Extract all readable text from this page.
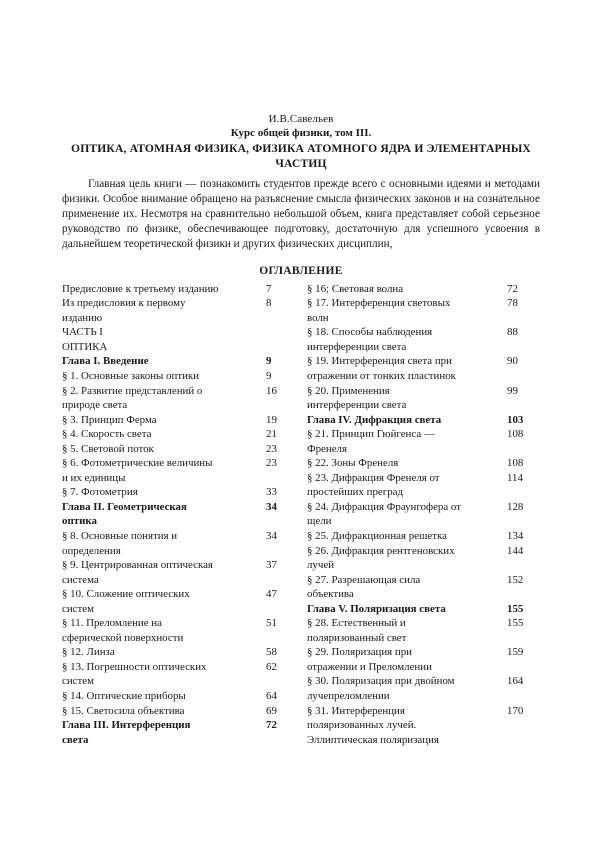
И.В.Савельев
Курс общей физики, том III.
ОПТИКА, АТОМНАЯ ФИЗИКА, ФИЗИКА АТОМНОГО ЯДРА И ЭЛЕМЕНТАРНЫХ ЧАСТИЦ

Главная цель книги — познакомить студентов прежде всего с основными идеями и методами физики. Особое внимание обращено на разъяснение смысла физических законов и на сознательное применение их. Несмотря на сравнительно небольшой объем, книга представляет собой серьезное руководство по физике, обеспечивающее подготовку, достаточную для успешного усвоения в дальнейшем теоретической физики и других физических дисциплин,

ОГЛАВЛЕНИЕ
Предисловие к третьему изданию	7
Из предисловия к первому	8
изданию
ЧАСТЬ I
ОПТИКА
Глава I. Введение	9
§ 1. Основные законы оптики	9
§ 2. Развитие представлений о	16
природе света
§ 3. Принцип Ферма	19
§ 4. Скорость света	21
§ 5. Световой поток	23
§ 6. Фотометрические величины	23
и их единицы
§ 7. Фотометрия	33
Глава II. Геометрическая	34
оптика
§ 8. Основные понятия и	34
определения
§ 9. Центрированная оптическая	37
система
§ 10. Сложение оптических	47
систем
§ 11. Преломление на	51
сферической поверхности
§ 12. Линза	58
§ 13. Погрешности оптических	62
систем
§ 14. Оптические приборы	64
§ 15. Светосила объектива	69
Глава III. Интерференция	72
света
§ 16; Световая волна	72
§ 17. Интерференция световых	78
волн
§ 18. Способы наблюдения	88
интерференции света
§ 19. Интерференция света при	90
отражении от тонких пластинок
§ 20. Применения	99
интерференции света
Глава IV. Дифракция света	103
§ 21. Принцип Гюйгенса —	108
Френеля
§ 22. Зоны Френеля	108
§ 23. Дифракция Френеля от	114
простейших преград
§ 24. Дифракция Фраунгофера от	128
щели
§ 25. Дифракционная решетка	134
§ 26. Дифракция рентгеновских	144
лучей
§ 27. Разрешающая сила	152
объектива
Глава V. Поляризация света	155
§ 28. Естественный и	155
поляризованный свет
§ 29. Поляризация при	159
отражении и Преломлении
§ 30. Поляризация при двойном	164
лучепреломлении
§ 31. Интерференция	170
поляризованных лучей.
Эллиптическая поляризация
